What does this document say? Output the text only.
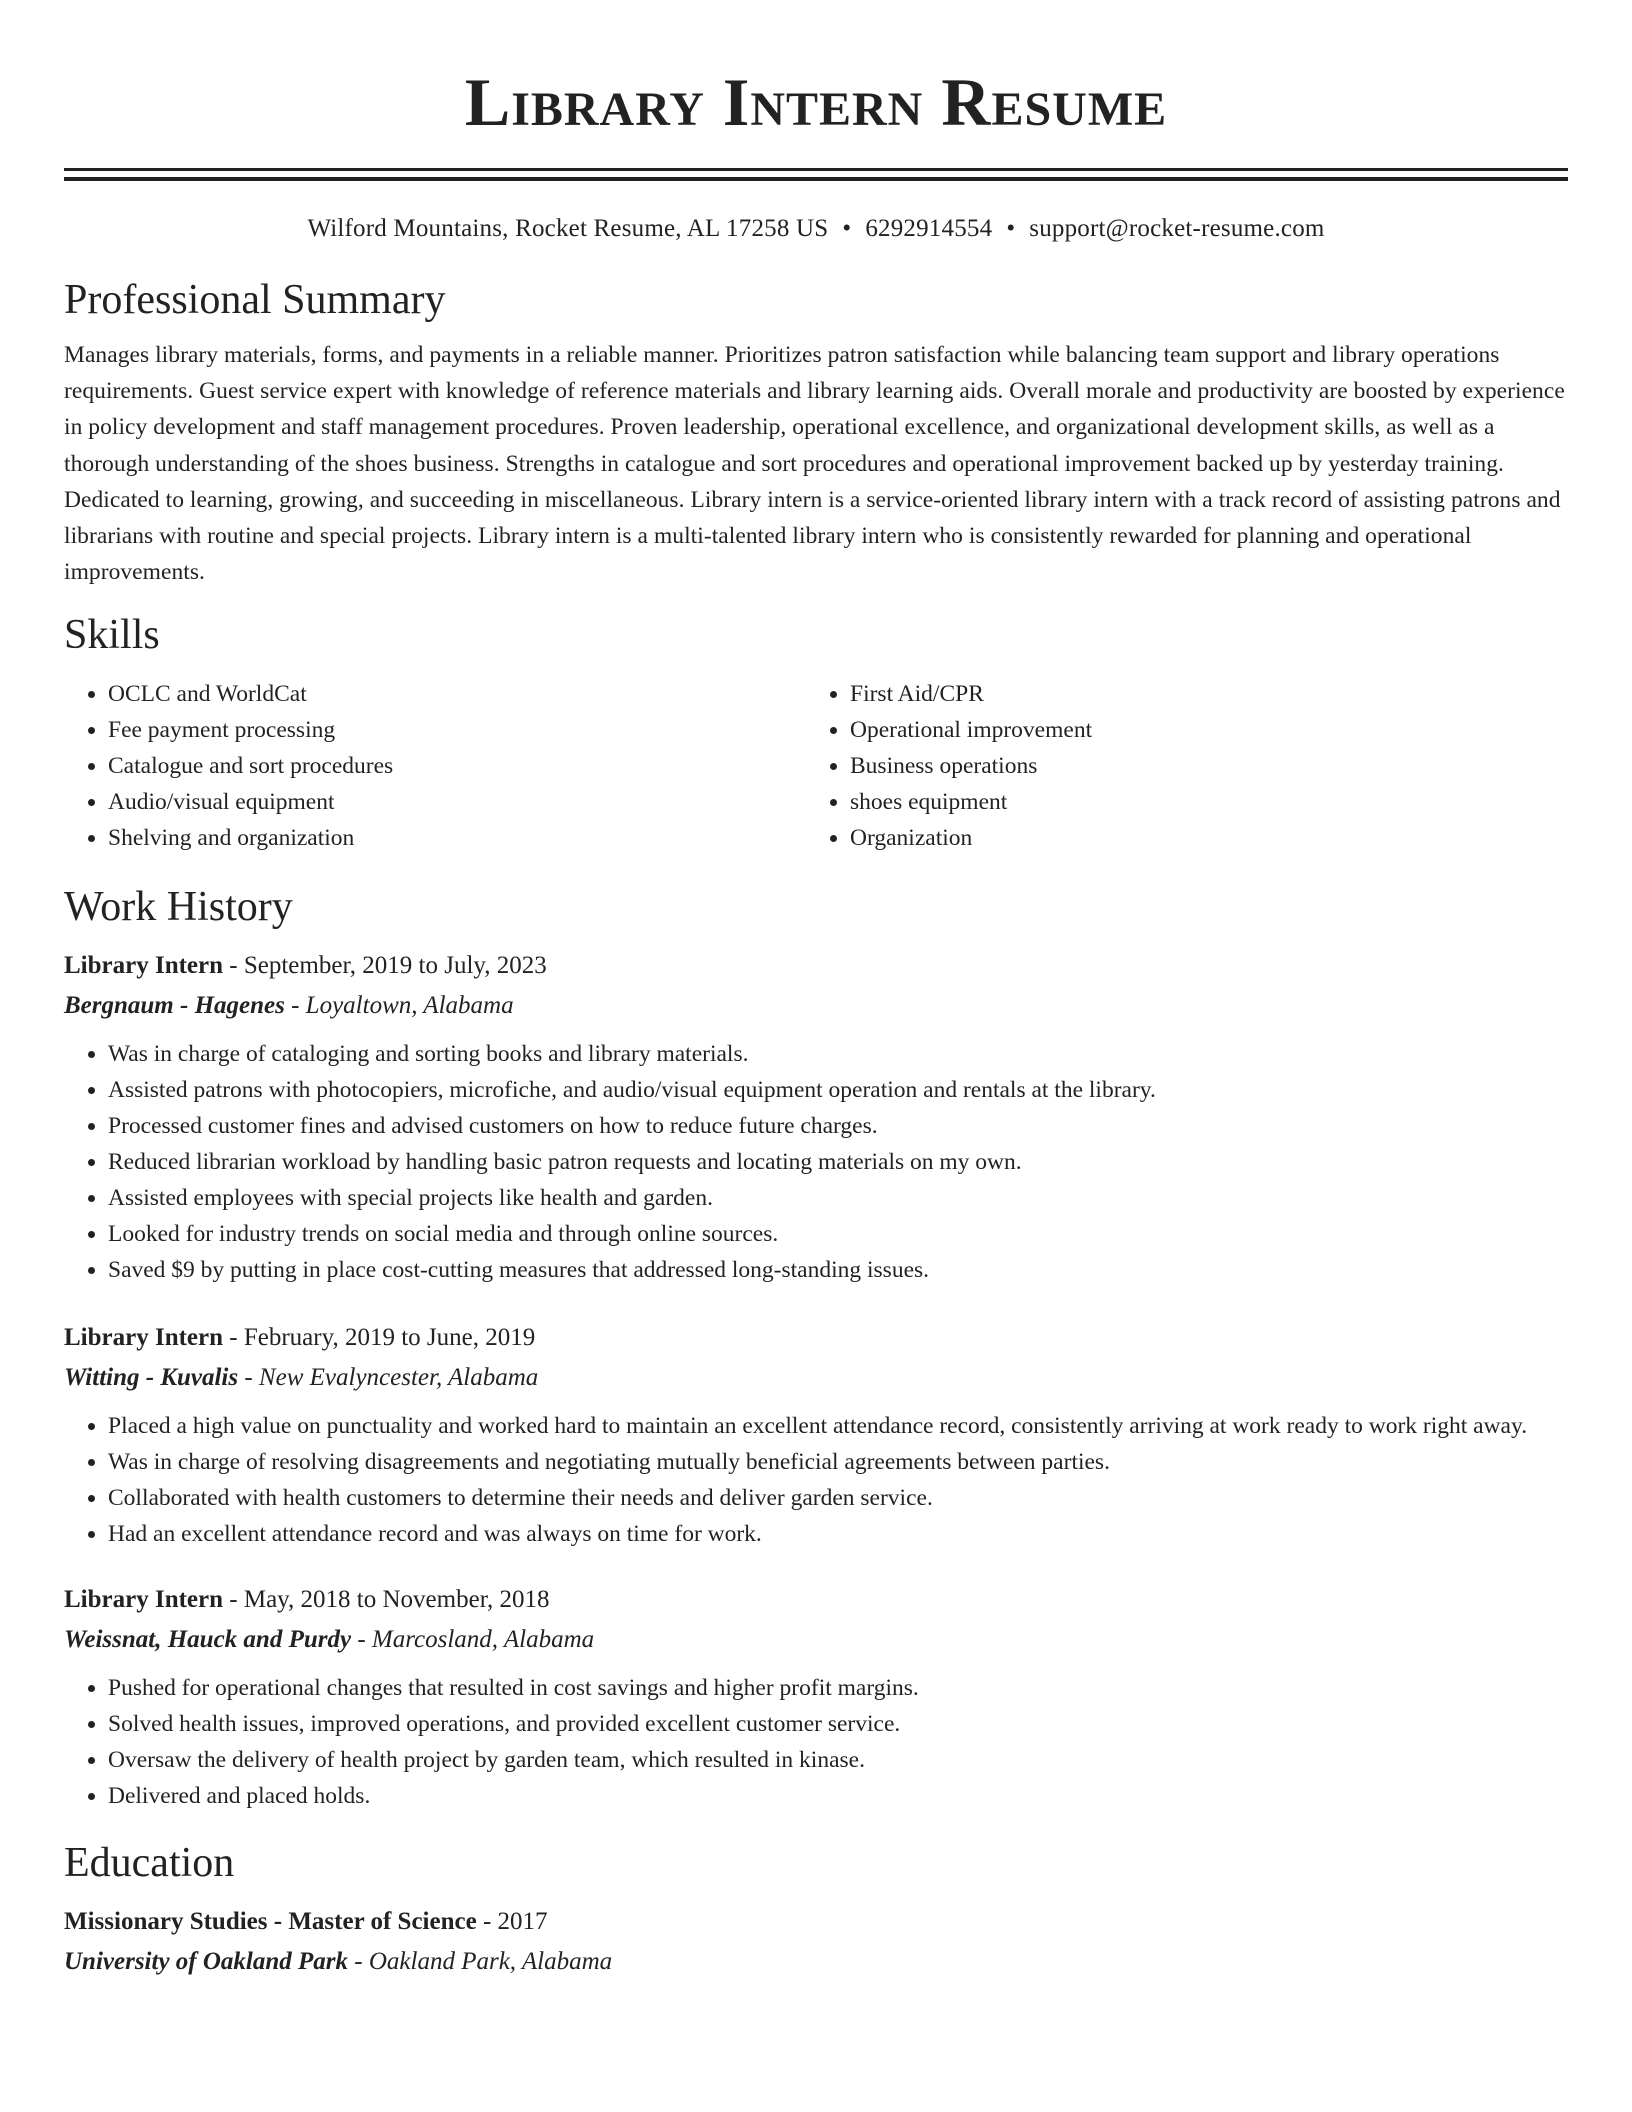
Library Intern Resume
Wilford Mountains, Rocket Resume, AL 17258 US • 6292914554 • support@rocket-resume.com
Professional Summary

Manages library materials, forms, and payments in a reliable manner. Prioritizes patron satisfaction while balancing team support and library operations requirements. Guest service expert with knowledge of reference materials and library learning aids. Overall morale and productivity are boosted by experience in policy development and staff management procedures. Proven leadership, operational excellence, and organizational development skills, as well as a thorough understanding of the shoes business. Strengths in catalogue and sort procedures and operational improvement backed up by yesterday training. Dedicated to learning, growing, and succeeding in miscellaneous. Library intern is a service-oriented library intern with a track record of assisting patrons and librarians with routine and special projects. Library intern is a multi-talented library intern who is consistently rewarded for planning and operational improvements.

Skills
• OCLC and WorldCat
• Fee payment processing
• Catalogue and sort procedures
• Audio/visual equipment
• Shelving and organization
• First Aid/CPR
• Operational improvement
• Business operations
• shoes equipment
• Organization
Work History
Library Intern - September, 2019 to July, 2023
Bergnaum - Hagenes - Loyaltown, Alabama
• Was in charge of cataloging and sorting books and library materials.
• Assisted patrons with photocopiers, microfiche, and audio/visual equipment operation and rentals at the library.
• Processed customer fines and advised customers on how to reduce future charges.
• Reduced librarian workload by handling basic patron requests and locating materials on my own.
• Assisted employees with special projects like health and garden.
• Looked for industry trends on social media and through online sources.
• Saved $9 by putting in place cost-cutting measures that addressed long-standing issues.
Library Intern - February, 2019 to June, 2019
Witting - Kuvalis - New Evalyncester, Alabama
• Placed a high value on punctuality and worked hard to maintain an excellent attendance record, consistently arriving at work ready to work right away.
• Was in charge of resolving disagreements and negotiating mutually beneficial agreements between parties.
• Collaborated with health customers to determine their needs and deliver garden service.
• Had an excellent attendance record and was always on time for work.
Library Intern - May, 2018 to November, 2018
Weissnat, Hauck and Purdy - Marcosland, Alabama
• Pushed for operational changes that resulted in cost savings and higher profit margins.
• Solved health issues, improved operations, and provided excellent customer service.
• Oversaw the delivery of health project by garden team, which resulted in kinase.
• Delivered and placed holds.
Education
Missionary Studies - Master of Science - 2017
University of Oakland Park - Oakland Park, Alabama
